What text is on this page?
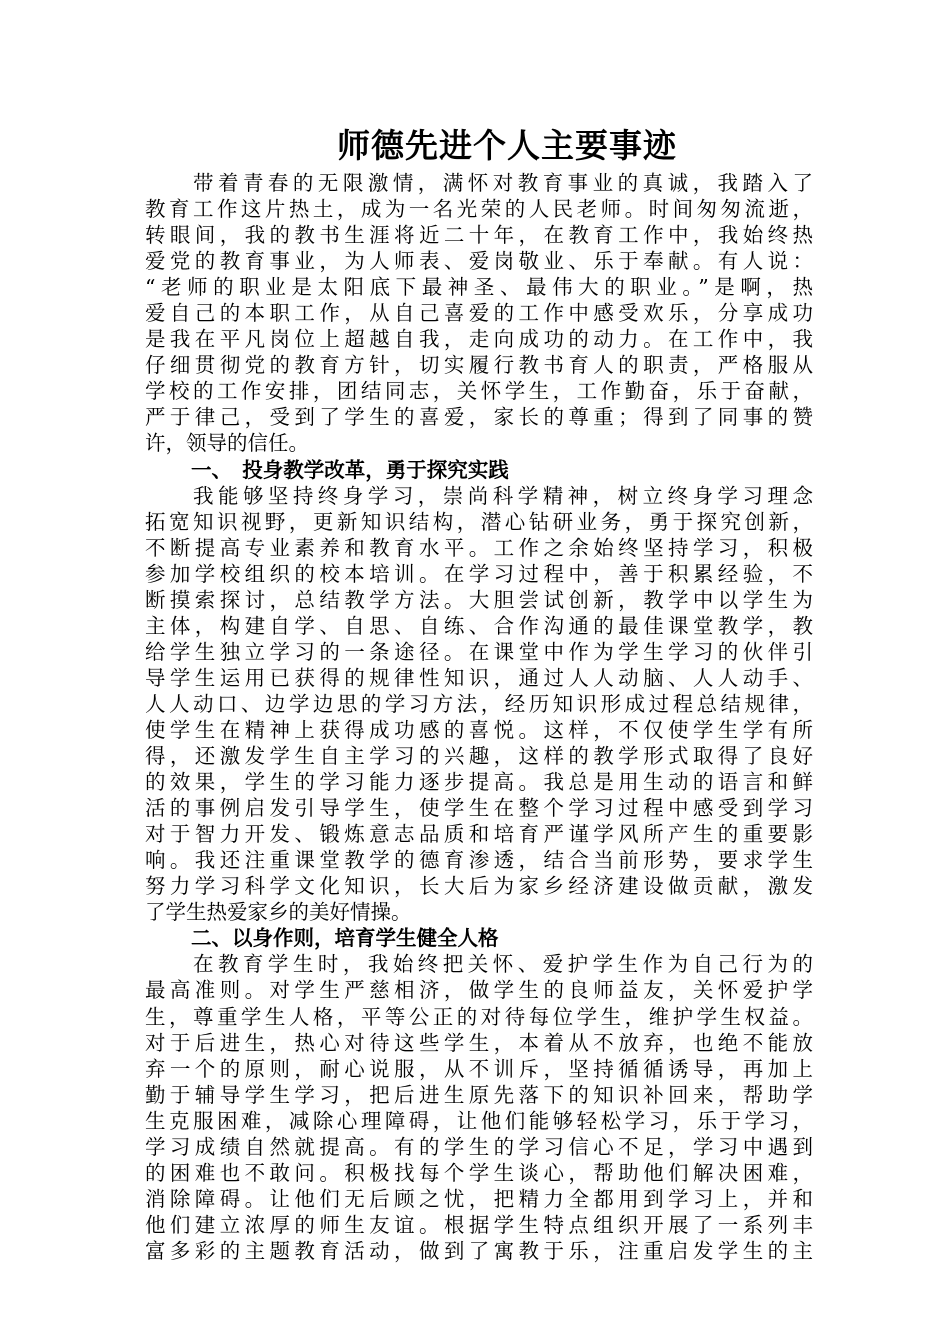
师德先进个人主要事迹
带着青春的无限激情，满怀对教育事业的真诚，我踏入了
教育工作这片热土，成为一名光荣的人民老师。时间匆匆流逝，
转眼间，我的教书生涯将近二十年，在教育工作中，我始终热
爱党的教育事业，为人师表、爱岗敬业、乐于奉献。有人说：
“老师的职业是太阳底下最神圣、最伟大的职业。”是啊，热
爱自己的本职工作，从自己喜爱的工作中感受欢乐，分享成功
是我在平凡岗位上超越自我，走向成功的动力。在工作中，我
仔细贯彻党的教育方针，切实履行教书育人的职责，严格服从
学校的工作安排，团结同志，关怀学生，工作勤奋，乐于奋献，
严于律己，受到了学生的喜爱，家长的尊重；得到了同事的赞
许，领导的信任。
一、　投身教学改革，勇于探究实践
我能够坚持终身学习，崇尚科学精神，树立终身学习理念
拓宽知识视野，更新知识结构，潜心钻研业务，勇于探究创新，
不断提高专业素养和教育水平。工作之余始终坚持学习，积极
参加学校组织的校本培训。在学习过程中，善于积累经验，不
断摸索探讨，总结教学方法。大胆尝试创新，教学中以学生为
主体，构建自学、自思、自练、合作沟通的最佳课堂教学，教
给学生独立学习的一条途径。在课堂中作为学生学习的伙伴引
导学生运用已获得的规律性知识，通过人人动脑、人人动手、
人人动口、边学边思的学习方法，经历知识形成过程总结规律，
使学生在精神上获得成功感的喜悦。这样，不仅使学生学有所
得，还激发学生自主学习的兴趣，这样的教学形式取得了良好
的效果，学生的学习能力逐步提高。我总是用生动的语言和鲜
活的事例启发引导学生，使学生在整个学习过程中感受到学习
对于智力开发、锻炼意志品质和培育严谨学风所产生的重要影
响。我还注重课堂教学的德育渗透，结合当前形势，要求学生
努力学习科学文化知识，长大后为家乡经济建设做贡献，激发
了学生热爱家乡的美好情操。
二、以身作则，培育学生健全人格
在教育学生时，我始终把关怀、爱护学生作为自己行为的
最高准则。对学生严慈相济，做学生的良师益友，关怀爱护学
生，尊重学生人格，平等公正的对待每位学生，维护学生权益。
对于后进生，热心对待这些学生，本着从不放弃，也绝不能放
弃一个的原则，耐心说服，从不训斥，坚持循循诱导，再加上
勤于辅导学生学习，把后进生原先落下的知识补回来，帮助学
生克服困难，减除心理障碍，让他们能够轻松学习，乐于学习，
学习成绩自然就提高。有的学生的学习信心不足，学习中遇到
的困难也不敢问。积极找每个学生谈心，帮助他们解决困难，
消除障碍。让他们无后顾之忧，把精力全都用到学习上，并和
他们建立浓厚的师生友谊。根据学生特点组织开展了一系列丰
富多彩的主题教育活动，做到了寓教于乐，注重启发学生的主
